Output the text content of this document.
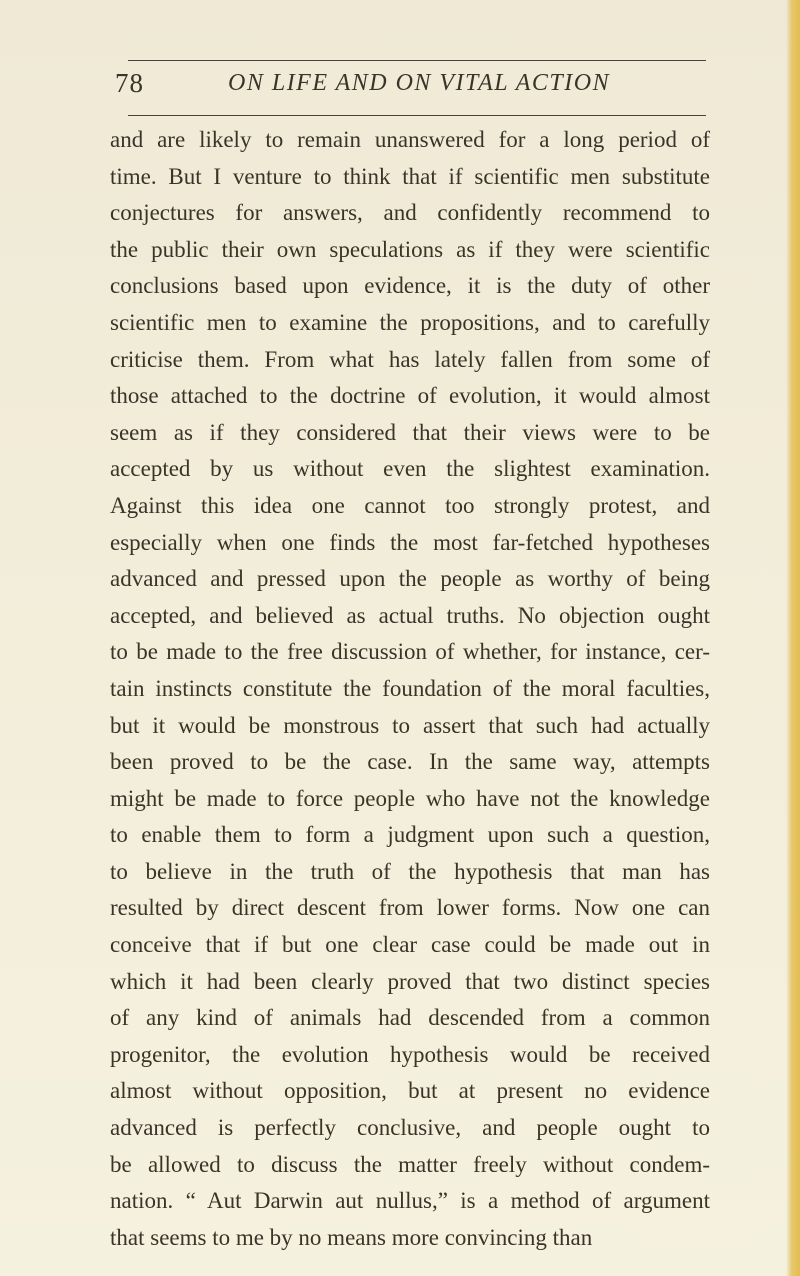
78	ON LIFE AND ON VITAL ACTION
and are likely to remain unanswered for a long period of
time. But I venture to think that if scientific men substitute
conjectures for answers, and confidently recommend to
the public their own speculations as if they were scientific
conclusions based upon evidence, it is the duty of other
scientific men to examine the propositions, and to carefully
criticise them. From what has lately fallen from some of
those attached to the doctrine of evolution, it would almost
seem as if they considered that their views were to be
accepted by us without even the slightest examination.
Against this idea one cannot too strongly protest, and
especially when one finds the most far-fetched hypotheses
advanced and pressed upon the people as worthy of being
accepted, and believed as actual truths. No objection ought
to be made to the free discussion of whether, for instance, cer-
tain instincts constitute the foundation of the moral faculties,
but it would be monstrous to assert that such had actually
been proved to be the case. In the same way, attempts
might be made to force people who have not the knowledge
to enable them to form a judgment upon such a question,
to believe in the truth of the hypothesis that man has
resulted by direct descent from lower forms. Now one can
conceive that if but one clear case could be made out in
which it had been clearly proved that two distinct species
of any kind of animals had descended from a common
progenitor, the evolution hypothesis would be received
almost without opposition, but at present no evidence
advanced is perfectly conclusive, and people ought to
be allowed to discuss the matter freely without condem-
nation. “ Aut Darwin aut nullus,” is a method of argument
that seems to me by no means more convincing than
